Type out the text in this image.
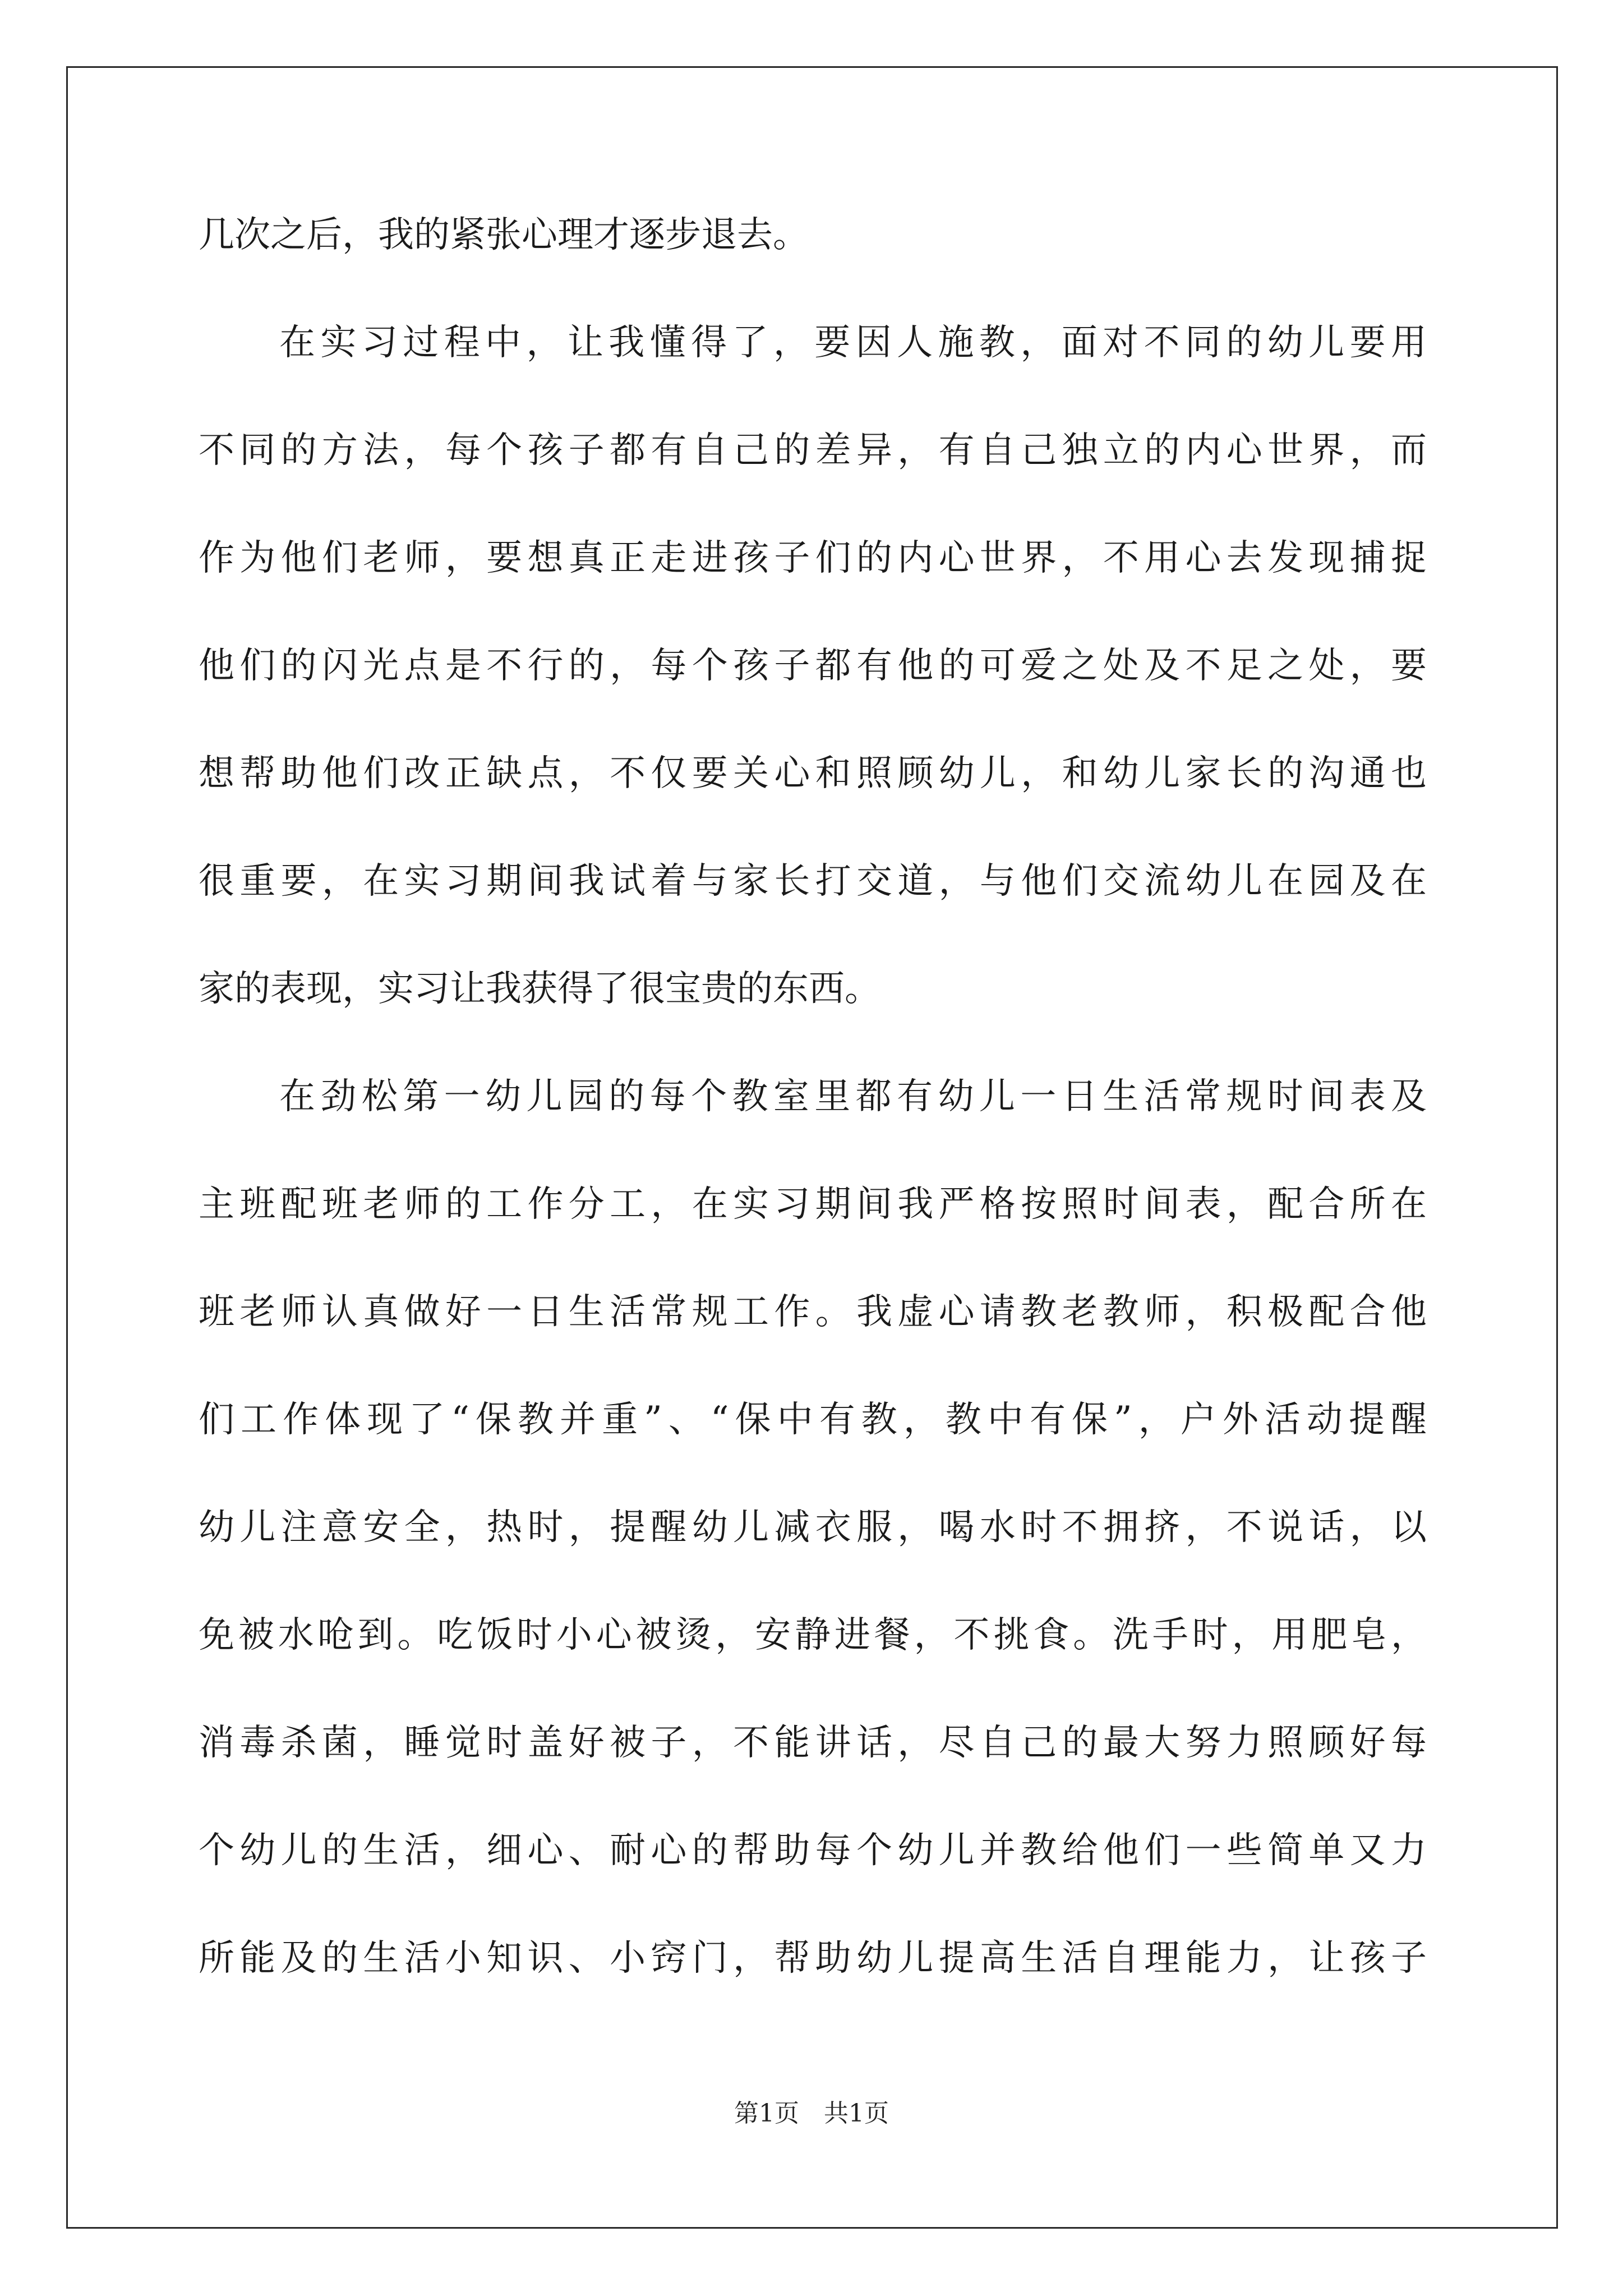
几次之后，我的紧张心理才逐步退去。
在实习过程中，让我懂得了，要因人施教，面对不同的幼儿要用
不同的方法，每个孩子都有自己的差异，有自己独立的内心世界，而
作为他们老师，要想真正走进孩子们的内心世界，不用心去发现捕捉
他们的闪光点是不行的，每个孩子都有他的可爱之处及不足之处，要
想帮助他们改正缺点，不仅要关心和照顾幼儿，和幼儿家长的沟通也
很重要，在实习期间我试着与家长打交道，与他们交流幼儿在园及在
家的表现，实习让我获得了很宝贵的东西。
在劲松第一幼儿园的每个教室里都有幼儿一日生活常规时间表及
主班配班老师的工作分工，在实习期间我严格按照时间表，配合所在
班老师认真做好一日生活常规工作。我虚心请教老教师，积极配合他
们工作体现了“保教并重”、“保中有教，教中有保”，户外活动提醒
幼儿注意安全，热时，提醒幼儿减衣服，喝水时不拥挤，不说话，以
免被水呛到。吃饭时小心被烫，安静进餐，不挑食。洗手时，用肥皂，
消毒杀菌，睡觉时盖好被子，不能讲话，尽自己的最大努力照顾好每
个幼儿的生活，细心、耐心的帮助每个幼儿并教给他们一些简单又力
所能及的生活小知识、小窍门，帮助幼儿提高生活自理能力，让孩子
第1页　共1页
